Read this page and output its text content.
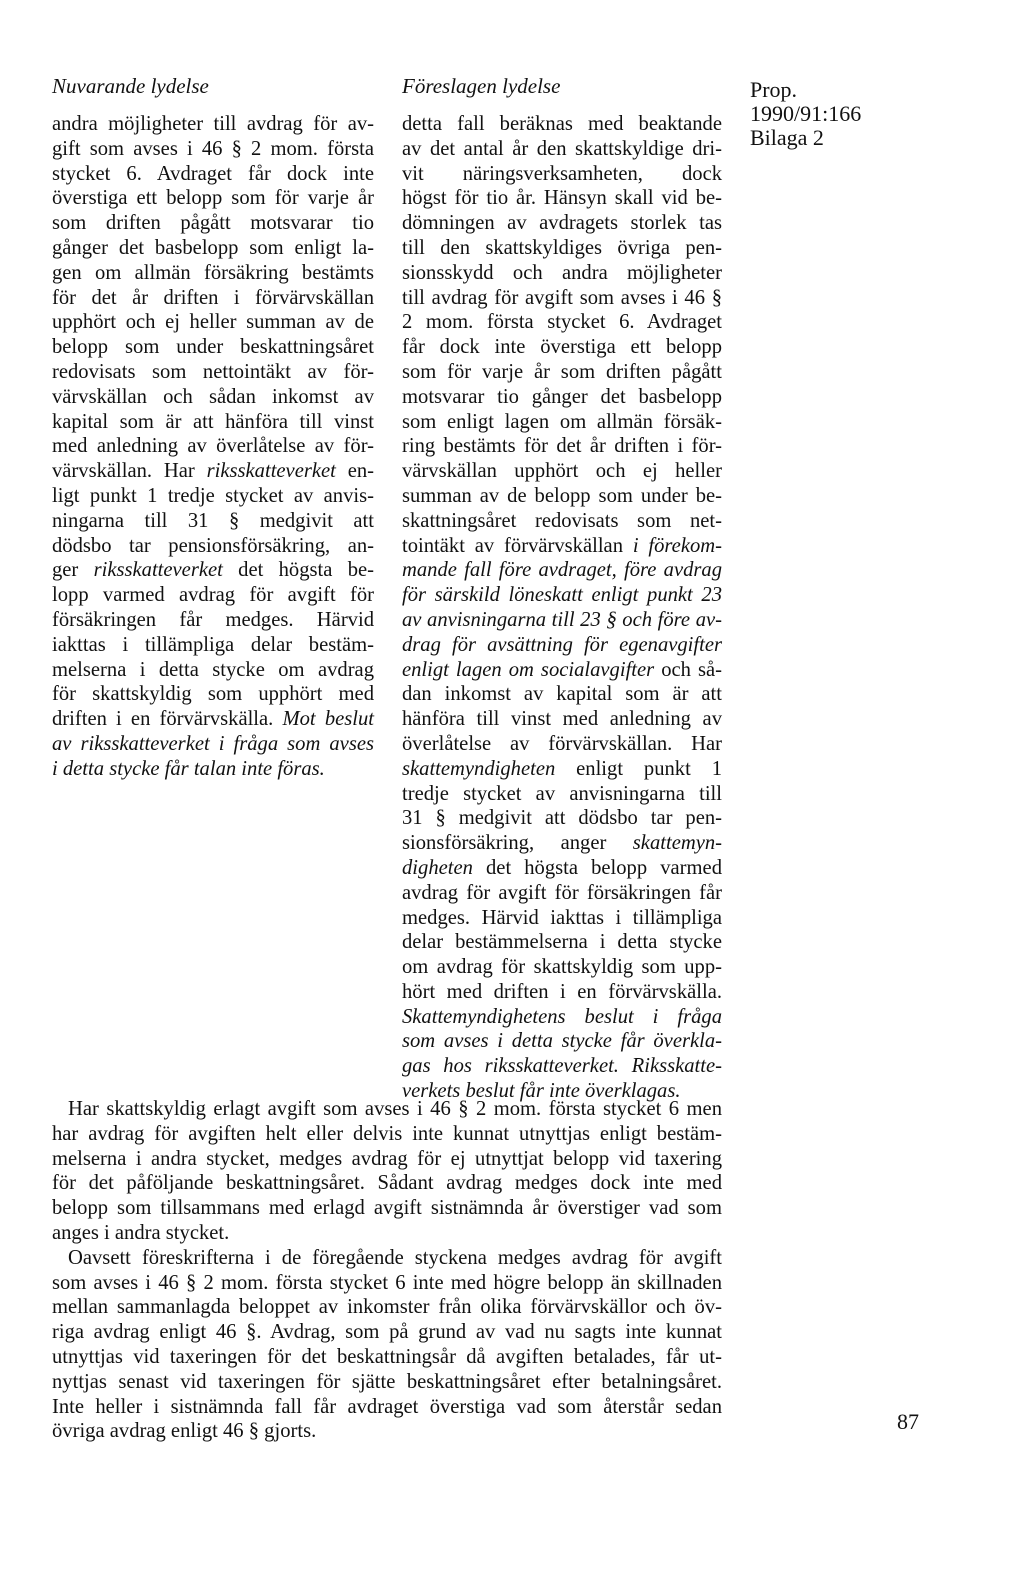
Nuvarande lydelse	Föreslagen lydelse	Prop.
1990/91:166
Bilaga 2
andra möjligheter till avdrag för av-
gift som avses i 46 § 2 mom. första
stycket 6. Avdraget får dock inte
överstiga ett belopp som för varje år
som driften pågått motsvarar tio
gånger det basbelopp som enligt la-
gen om allmän försäkring bestämts
för det år driften i förvärvskällan
upphört och ej heller summan av de
belopp som under beskattningsåret
redovisats som nettointäkt av för-
värvskällan och sådan inkomst av
kapital som är att hänföra till vinst
med anledning av överlåtelse av för-
värvskällan. Har riksskatteverket en-
ligt punkt 1 tredje stycket av anvis-
ningarna till 31 § medgivit att
dödsbo tar pensionsförsäkring, an-
ger riksskatteverket det högsta be-
lopp varmed avdrag för avgift för
försäkringen får medges. Härvid
iakttas i tillämpliga delar bestäm-
melserna i detta stycke om avdrag
för skattskyldig som upphört med
driften i en förvärvskälla. Mot beslut
av riksskatteverket i fråga som avses
i detta stycke får talan inte föras.
detta fall beräknas med beaktande
av det antal år den skattskyldige dri-
vit näringsverksamheten, dock
högst för tio år. Hänsyn skall vid be-
dömningen av avdragets storlek tas
till den skattskyldiges övriga pen-
sionsskydd och andra möjligheter
till avdrag för avgift som avses i 46 §
2 mom. första stycket 6. Avdraget
får dock inte överstiga ett belopp
som för varje år som driften pågått
motsvarar tio gånger det basbelopp
som enligt lagen om allmän försäk-
ring bestämts för det år driften i för-
värvskällan upphört och ej heller
summan av de belopp som under be-
skattningsåret redovisats som net-
tointäkt av förvärvskällan i förekom-
mande fall före avdraget, före avdrag
för särskild löneskatt enligt punkt 23
av anvisningarna till 23 § och före av-
drag för avsättning för egenavgifter
enligt lagen om socialavgifter och så-
dan inkomst av kapital som är att
hänföra till vinst med anledning av
överlåtelse av förvärvskällan. Har
skattemyndigheten enligt punkt 1
tredje stycket av anvisningarna till
31 § medgivit att dödsbo tar pen-
sionsförsäkring, anger skattemyn-
digheten det högsta belopp varmed
avdrag för avgift för försäkringen får
medges. Härvid iakttas i tillämpliga
delar bestämmelserna i detta stycke
om avdrag för skattskyldig som upp-
hört med driften i en förvärvskälla.
Skattemyndighetens beslut i fråga
som avses i detta stycke får överkla-
gas hos riksskatteverket. Riksskatte-
verkets beslut får inte överklagas.
Har skattskyldig erlagt avgift som avses i 46 § 2 mom. första stycket 6 men
har avdrag för avgiften helt eller delvis inte kunnat utnyttjas enligt bestäm-
melserna i andra stycket, medges avdrag för ej utnyttjat belopp vid taxering
för det påföljande beskattningsåret. Sådant avdrag medges dock inte med
belopp som tillsammans med erlagd avgift sistnämnda år överstiger vad som
anges i andra stycket.
Oavsett föreskrifterna i de föregående styckena medges avdrag för avgift
som avses i 46 § 2 mom. första stycket 6 inte med högre belopp än skillnaden
mellan sammanlagda beloppet av inkomster från olika förvärvskällor och öv-
riga avdrag enligt 46 §. Avdrag, som på grund av vad nu sagts inte kunnat
utnyttjas vid taxeringen för det beskattningsår då avgiften betalades, får ut-
nyttjas senast vid taxeringen för sjätte beskattningsåret efter betalningsåret.
Inte heller i sistnämnda fall får avdraget överstiga vad som återstår sedan
övriga avdrag enligt 46 § gjorts.	87
